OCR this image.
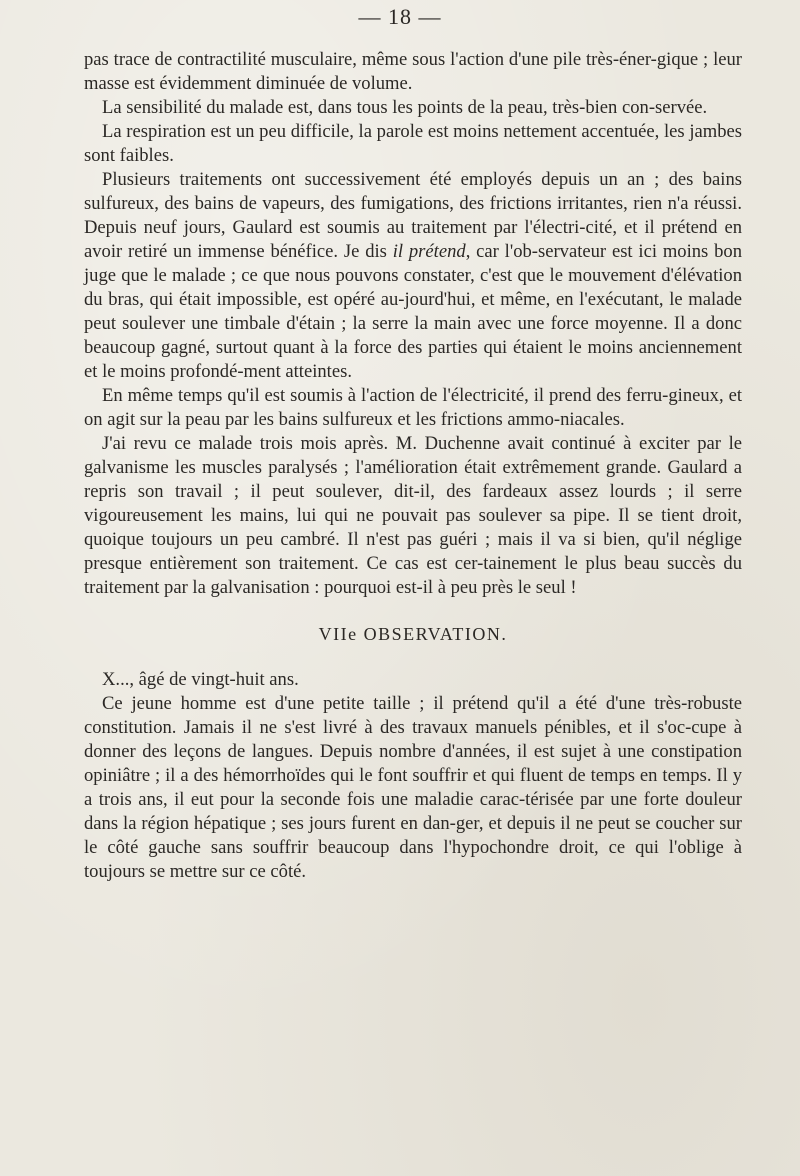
— 18 —

pas trace de contractilité musculaire, même sous l'action d'une pile très-éner-gique ; leur masse est évidemment diminuée de volume.

La sensibilité du malade est, dans tous les points de la peau, très-bien con-servée.

La respiration est un peu difficile, la parole est moins nettement accentuée, les jambes sont faibles.

Plusieurs traitements ont successivement été employés depuis un an ; des bains sulfureux, des bains de vapeurs, des fumigations, des frictions irritantes, rien n'a réussi. Depuis neuf jours, Gaulard est soumis au traitement par l'électri-cité, et il prétend en avoir retiré un immense bénéfice. Je dis il prétend, car l'ob-servateur est ici moins bon juge que le malade ; ce que nous pouvons constater, c'est que le mouvement d'élévation du bras, qui était impossible, est opéré au-jourd'hui, et même, en l'exécutant, le malade peut soulever une timbale d'étain ; la serre la main avec une force moyenne. Il a donc beaucoup gagné, surtout quant à la force des parties qui étaient le moins anciennement et le moins profondé-ment atteintes.

En même temps qu'il est soumis à l'action de l'électricité, il prend des ferru-gineux, et on agit sur la peau par les bains sulfureux et les frictions ammo-niacales.

J'ai revu ce malade trois mois après. M. Duchenne avait continué à exciter par le galvanisme les muscles paralysés ; l'amélioration était extrêmement grande. Gaulard a repris son travail ; il peut soulever, dit-il, des fardeaux assez lourds ; il serre vigoureusement les mains, lui qui ne pouvait pas soulever sa pipe. Il se tient droit, quoique toujours un peu cambré. Il n'est pas guéri ; mais il va si bien, qu'il néglige presque entièrement son traitement. Ce cas est cer-tainement le plus beau succès du traitement par la galvanisation : pourquoi est-il à peu près le seul !

VIIe OBSERVATION.

X..., âgé de vingt-huit ans.

Ce jeune homme est d'une petite taille ; il prétend qu'il a été d'une très-robuste constitution. Jamais il ne s'est livré à des travaux manuels pénibles, et il s'oc-cupe à donner des leçons de langues. Depuis nombre d'années, il est sujet à une constipation opiniâtre ; il a des hémorrhoïdes qui le font souffrir et qui fluent de temps en temps. Il y a trois ans, il eut pour la seconde fois une maladie carac-térisée par une forte douleur dans la région hépatique ; ses jours furent en dan-ger, et depuis il ne peut se coucher sur le côté gauche sans souffrir beaucoup dans l'hypochondre droit, ce qui l'oblige à toujours se mettre sur ce côté.
